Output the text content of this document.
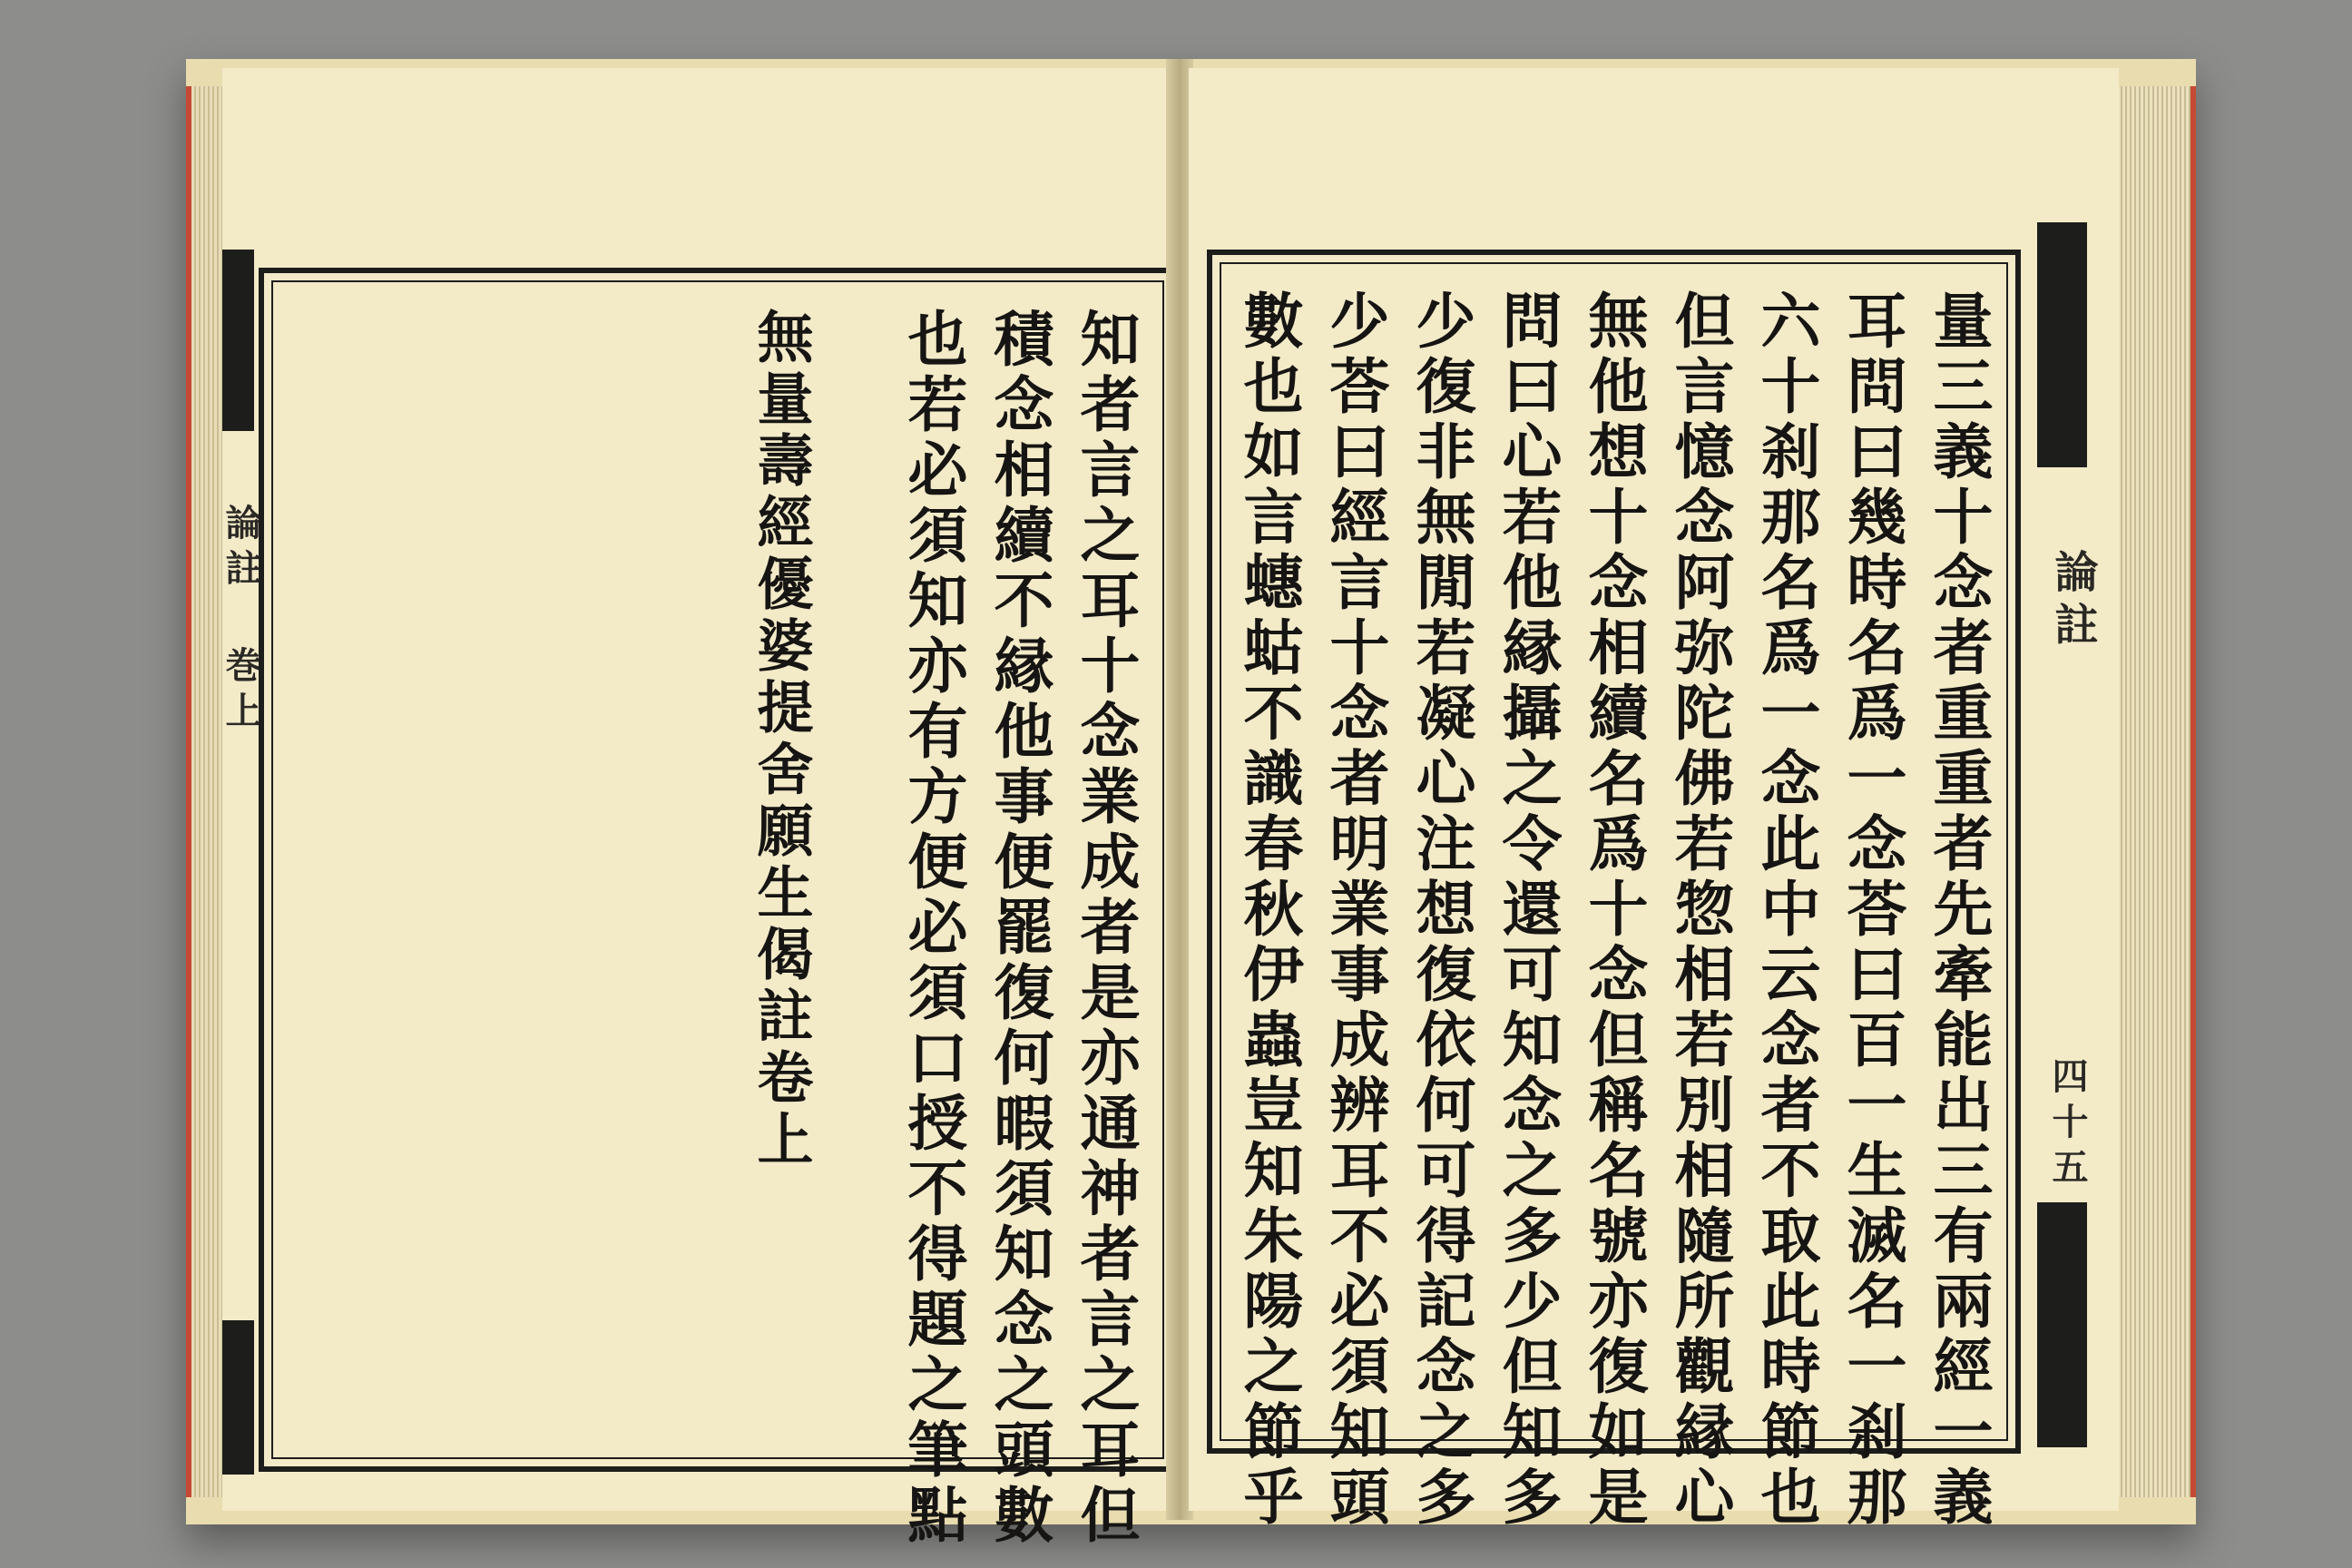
論註 巻上	知者言之耳十念業成者是亦通神者言之耳但
積念相續不縁他事便罷復何暇須知念之頭數
也若必須知亦有方便必須口授不得題之筆點
無量壽經優婆提舍願生偈註卷上	量三義十念者重重者先牽能出三有兩經一義
耳問曰幾時名爲一念荅曰百一生滅名一刹那
六十刹那名爲一念此中云念者不取此時節也
但言憶念阿弥陀佛若惣相若別相隨所觀縁心
無他想十念相續名爲十念但稱名號亦復如是
問曰心若他縁攝之令還可知念之多少但知多
少復非無閒若凝心注想復依何可得記念之多
少荅曰經言十念者明業事成辨耳不必須知頭
數也如言蟪蛄不識春秋伊蟲豈知朱陽之節乎	論註
四十五
